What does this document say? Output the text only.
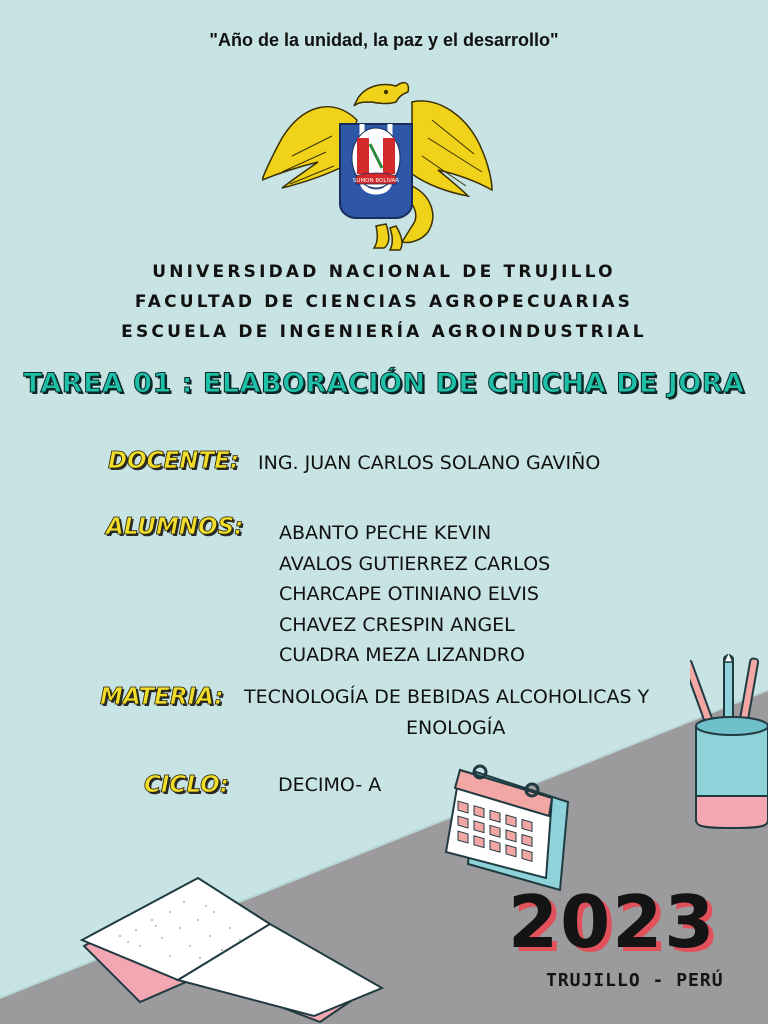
"Año de la unidad, la paz y el desarrollo"
SUMON BOLIVAR
UNIVERSIDAD NACIONAL DE TRUJILLO
FACULTAD DE CIENCIAS AGROPECUARIAS
ESCUELA DE INGENIERÍA AGROINDUSTRIAL
TAREA 01 : ELABORACIÓN DE CHICHA DE JORA
DOCENTE: ING. JUAN CARLOS SOLANO GAVIÑO
ALUMNOS: ABANTO PECHE KEVIN
AVALOS GUTIERREZ CARLOS
CHARCAPE OTINIANO ELVIS
CHAVEZ CRESPIN ANGEL
CUADRA MEZA LIZANDRO
MATERIA: TECNOLOGÍA DE BEBIDAS ALCOHOLICAS Y
ENOLOGÍA
CICLO:	DECIMO- A
2023
TRUJILLO - PERÚ
